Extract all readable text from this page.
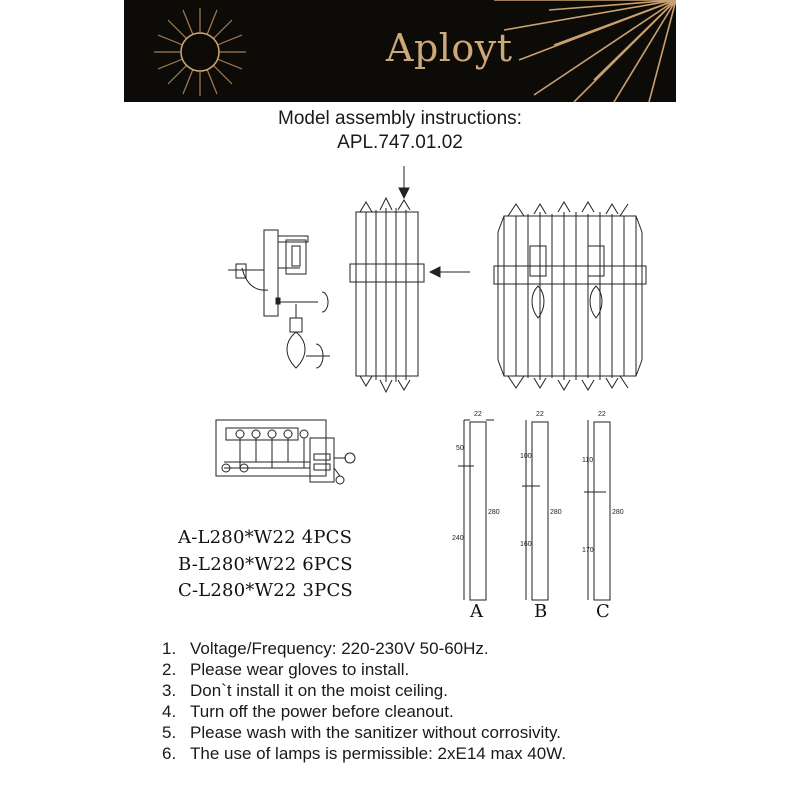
Aployt
Model assembly instructions:
APL.747.01.02
22
50
240
280
22
100
160
280
22
110
170
280
A-L280*W22 4PCS
B-L280*W22 6PCS
C-L280*W22 3PCS
A	B	C
1. Voltage/Frequency: 220-230V 50-60Hz.
2. Please wear gloves to install.
3. Don`t install it on the moist ceiling.
4. Turn off the power before cleanout.
5. Please wash with the sanitizer without corrosivity.
6. The use of lamps is permissible: 2xE14 max 40W.
